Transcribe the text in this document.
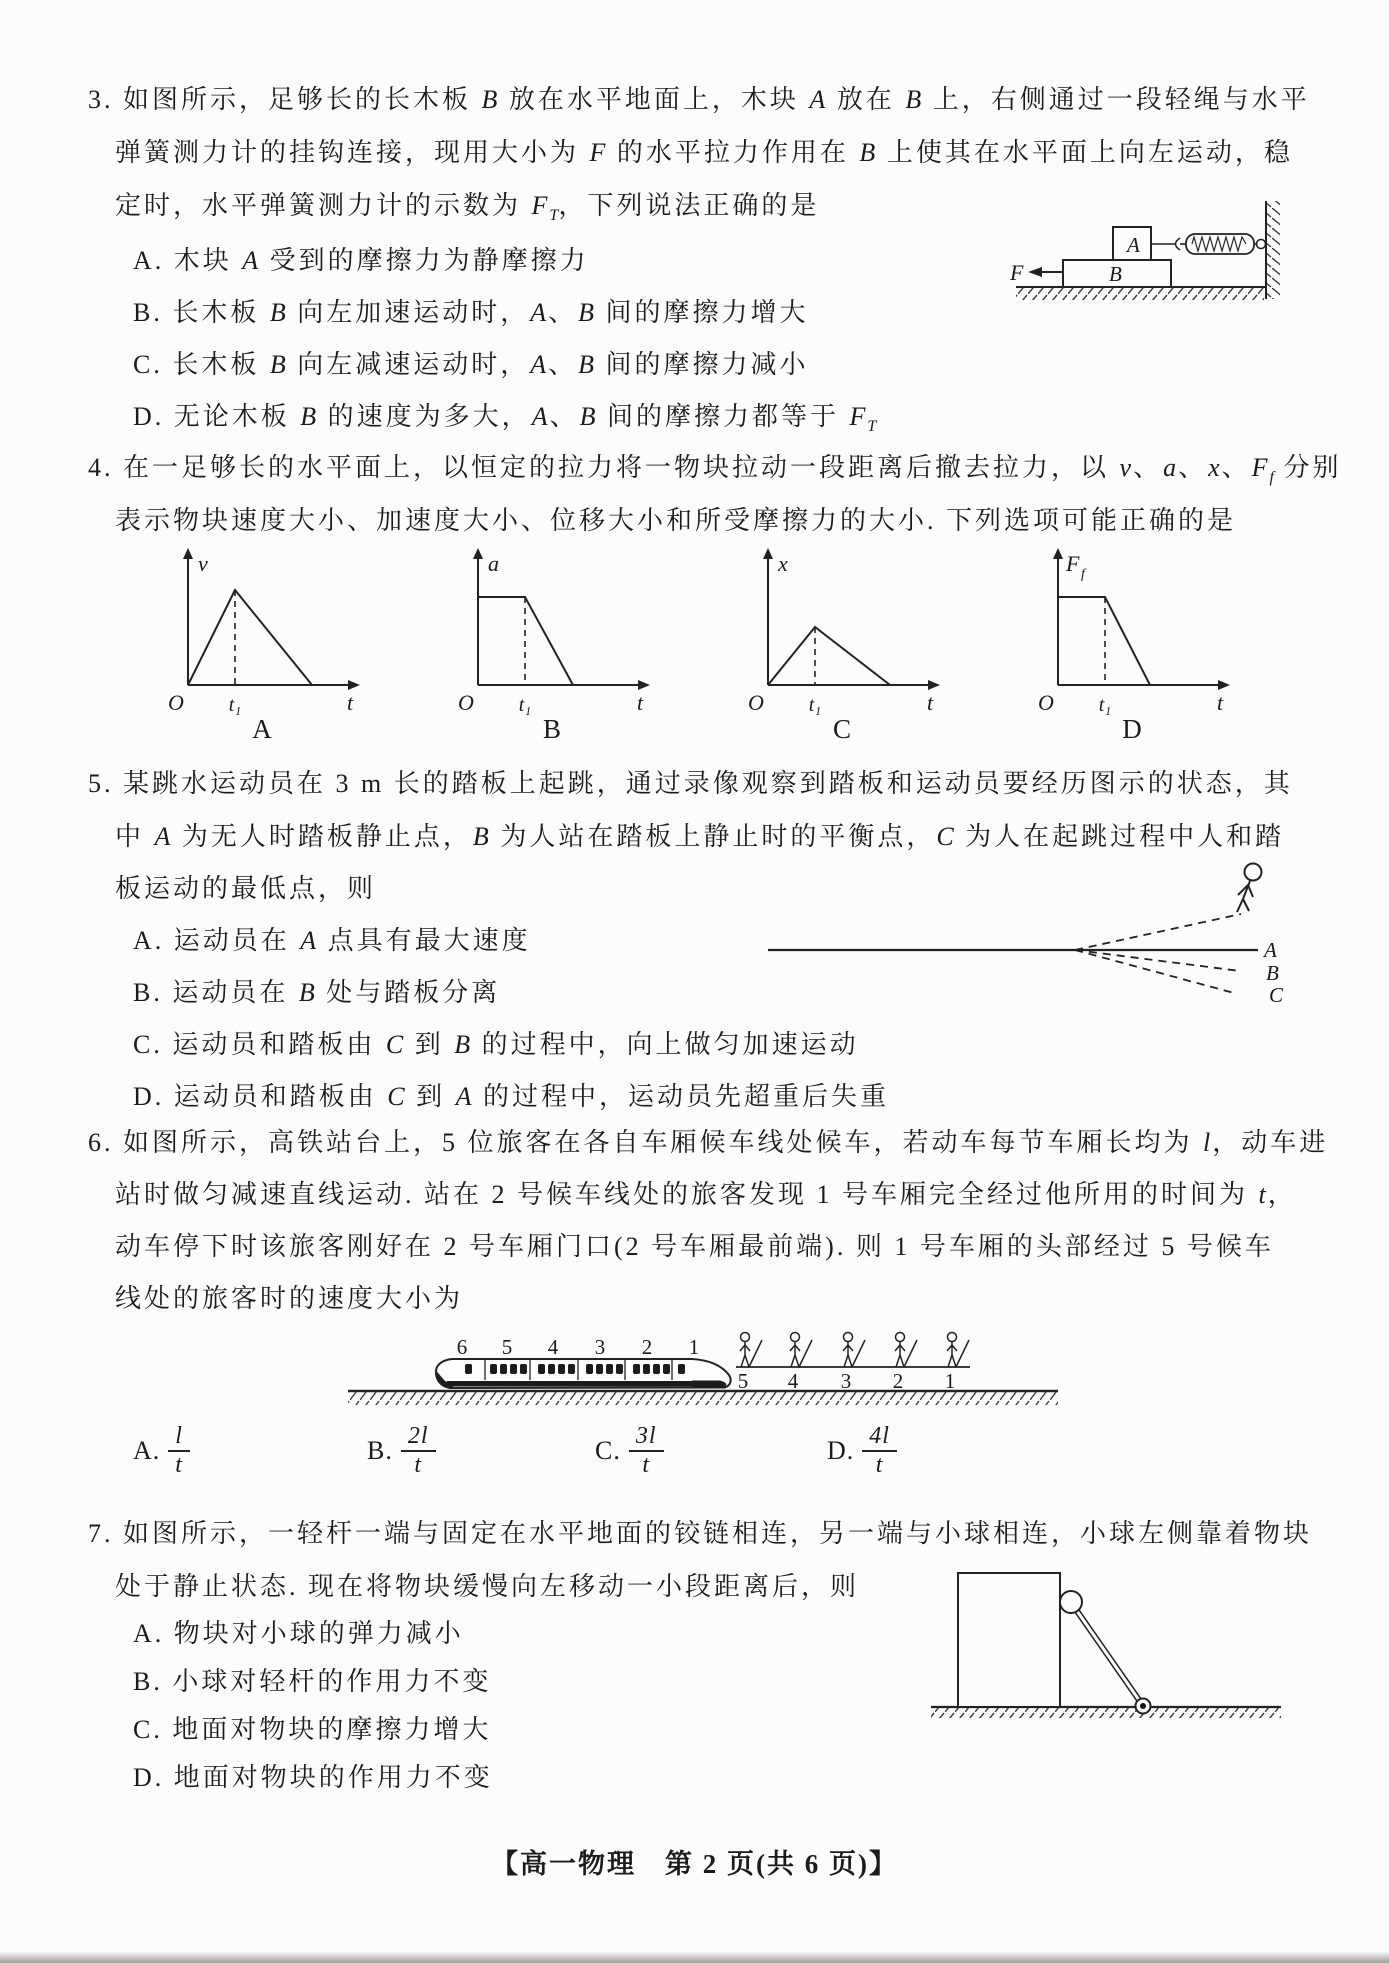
3. 如图所示，足够长的长木板 B 放在水平地面上，木块 A 放在 B 上，右侧通过一段轻绳与水平
弹簧测力计的挂钩连接，现用大小为 F 的水平拉力作用在 B 上使其在水平面上向左运动，稳
定时，水平弹簧测力计的示数为 $F_T$，下列说法正确的是
A. 木块 A 受到的摩擦力为静摩擦力
B. 长木板 B 向左加速运动时，A、B 间的摩擦力增大
C. 长木板 B 向左减速运动时，A、B 间的摩擦力减小
D. 无论木板 B 的速度为多大，A、B 间的摩擦力都等于 $F_T$
A
B
F
4. 在一足够长的水平面上，以恒定的拉力将一物块拉动一段距离后撤去拉力，以 v、a、x、$F_f$ 分别
表示物块速度大小、加速度大小、位移大小和所受摩擦力的大小. 下列选项可能正确的是
v
O t₁	t
A
a
O t₁	t
B
x
O t₁	t
C
F f
O t₁	t
D
5. 某跳水运动员在 3 m 长的踏板上起跳，通过录像观察到踏板和运动员要经历图示的状态，其
中 A 为无人时踏板静止点，B 为人站在踏板上静止时的平衡点，C 为人在起跳过程中人和踏
板运动的最低点，则
A. 运动员在 A 点具有最大速度
B. 运动员在 B 处与踏板分离
C. 运动员和踏板由 C 到 B 的过程中，向上做匀加速运动
D. 运动员和踏板由 C 到 A 的过程中，运动员先超重后失重
A
B
C
6. 如图所示，高铁站台上，5 位旅客在各自车厢候车线处候车，若动车每节车厢长均为 l，动车进
站时做匀减速直线运动. 站在 2 号候车线处的旅客发现 1 号车厢完全经过他所用的时间为 t，
动车停下时该旅客刚好在 2 号车厢门口(2 号车厢最前端). 则 1 号车厢的头部经过 5 号候车
线处的旅客时的速度大小为
6 5 4 3 2 1
5 4 3 2 1
A. $\frac{l}{t}$	B. $\frac{2l}{t}$	C. $\frac{3l}{t}$	D. $\frac{4l}{t}$
7. 如图所示，一轻杆一端与固定在水平地面的铰链相连，另一端与小球相连，小球左侧靠着物块
处于静止状态. 现在将物块缓慢向左移动一小段距离后，则
A. 物块对小球的弹力减小
B. 小球对轻杆的作用力不变
C. 地面对物块的摩擦力增大
D. 地面对物块的作用力不变
【高一物理　第 2 页(共 6 页)】
